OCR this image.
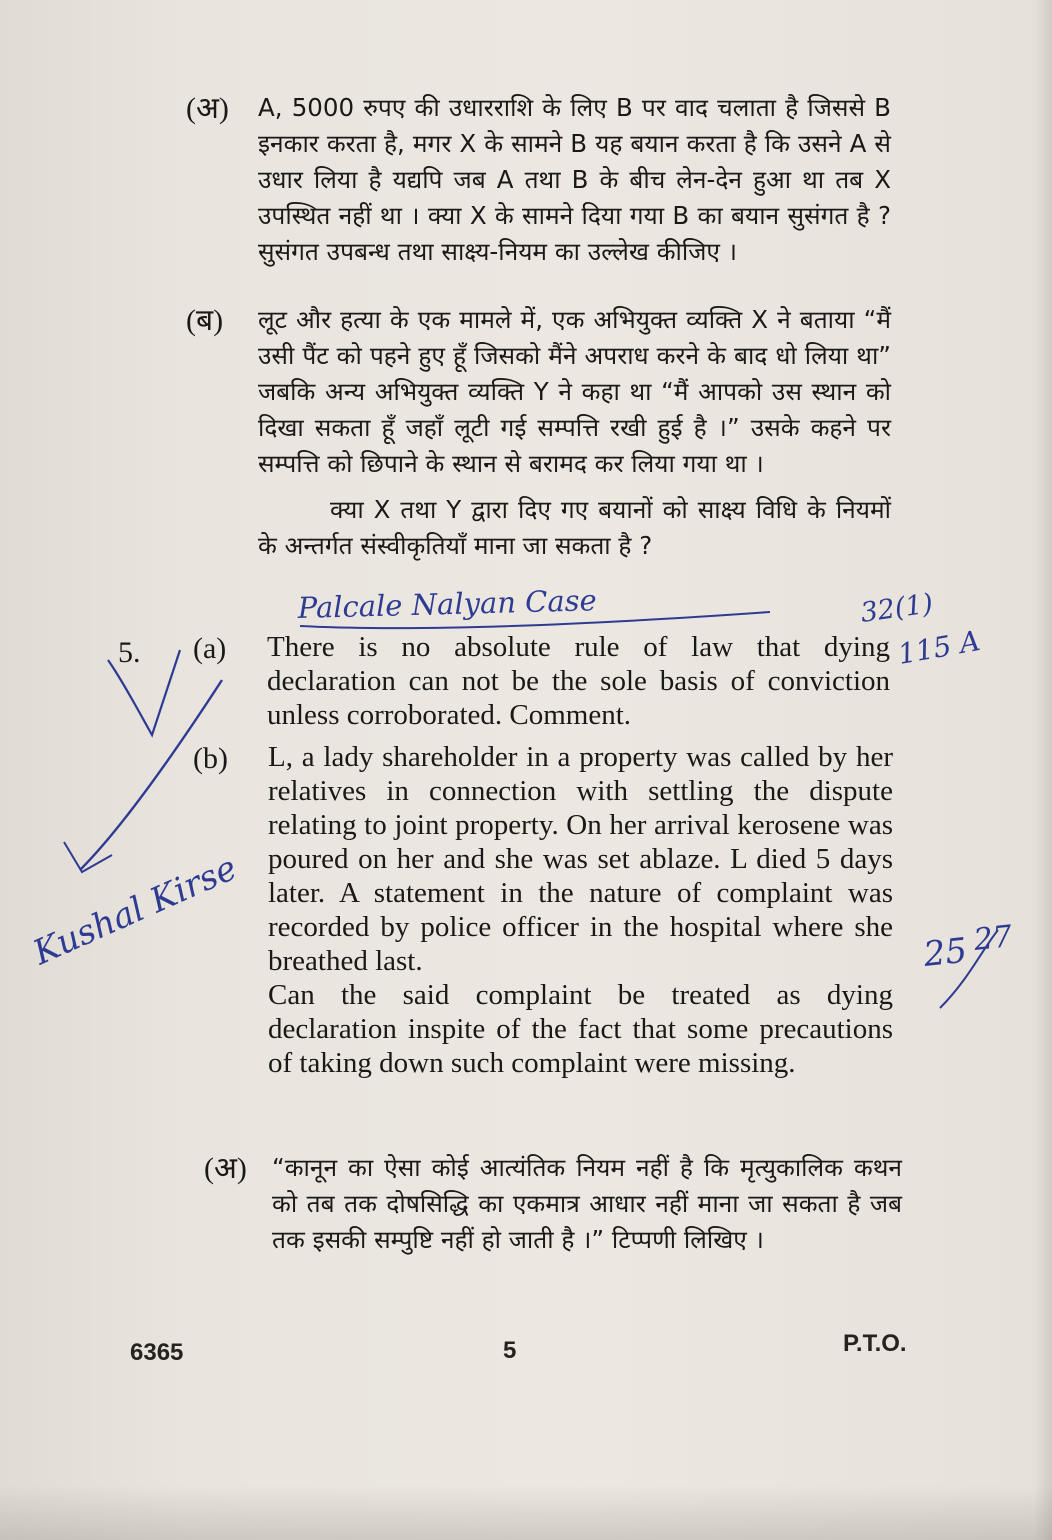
(अ) A, 5000 रुपए की उधारराशि के लिए B पर वाद चलाता है जिससे B इनकार करता है, मगर X के सामने B यह बयान करता है कि उसने A से उधार लिया है यद्यपि जब A तथा B के बीच लेन-देन हुआ था तब X उपस्थित नहीं था । क्या X के सामने दिया गया B का बयान सुसंगत है ? सुसंगत उपबन्ध तथा साक्ष्य-नियम का उल्लेख कीजिए ।

(ब) लूट और हत्या के एक मामले में, एक अभियुक्त व्यक्ति X ने बताया “मैं उसी पैंट को पहने हुए हूँ जिसको मैंने अपराध करने के बाद धो लिया था” जबकि अन्य अभियुक्त व्यक्ति Y ने कहा था “मैं आपको उस स्थान को दिखा सकता हूँ जहाँ लूटी गई सम्पत्ति रखी हुई है ।” उसके कहने पर सम्पत्ति को छिपाने के स्थान से बरामद कर लिया गया था ।

क्या X तथा Y द्वारा दिए गए बयानों को साक्ष्य विधि के नियमों के अन्तर्गत संस्वीकृतियाँ माना जा सकता है ?

5. (a) There is no absolute rule of law that dying declaration can not be the sole basis of conviction unless corroborated. Comment.

(b) L, a lady shareholder in a property was called by her relatives in connection with settling the dispute relating to joint property. On her arrival kerosene was poured on her and she was set ablaze. L died 5 days later. A statement in the nature of complaint was recorded by police officer in the hospital where she breathed last.

Can the said complaint be treated as dying declaration inspite of the fact that some precautions of taking down such complaint were missing.

(अ) “कानून का ऐसा कोई आत्यंतिक नियम नहीं है कि मृत्युकालिक कथन को तब तक दोषसिद्धि का एकमात्र आधार नहीं माना जा सकता है जब तक इसकी सम्पुष्टि नहीं हो जाती है ।” टिप्पणी लिखिए ।

6365	5	P.T.O.
Palcale Nalyan Case	32(1)
115 A
Kushal Kirse	25 27
